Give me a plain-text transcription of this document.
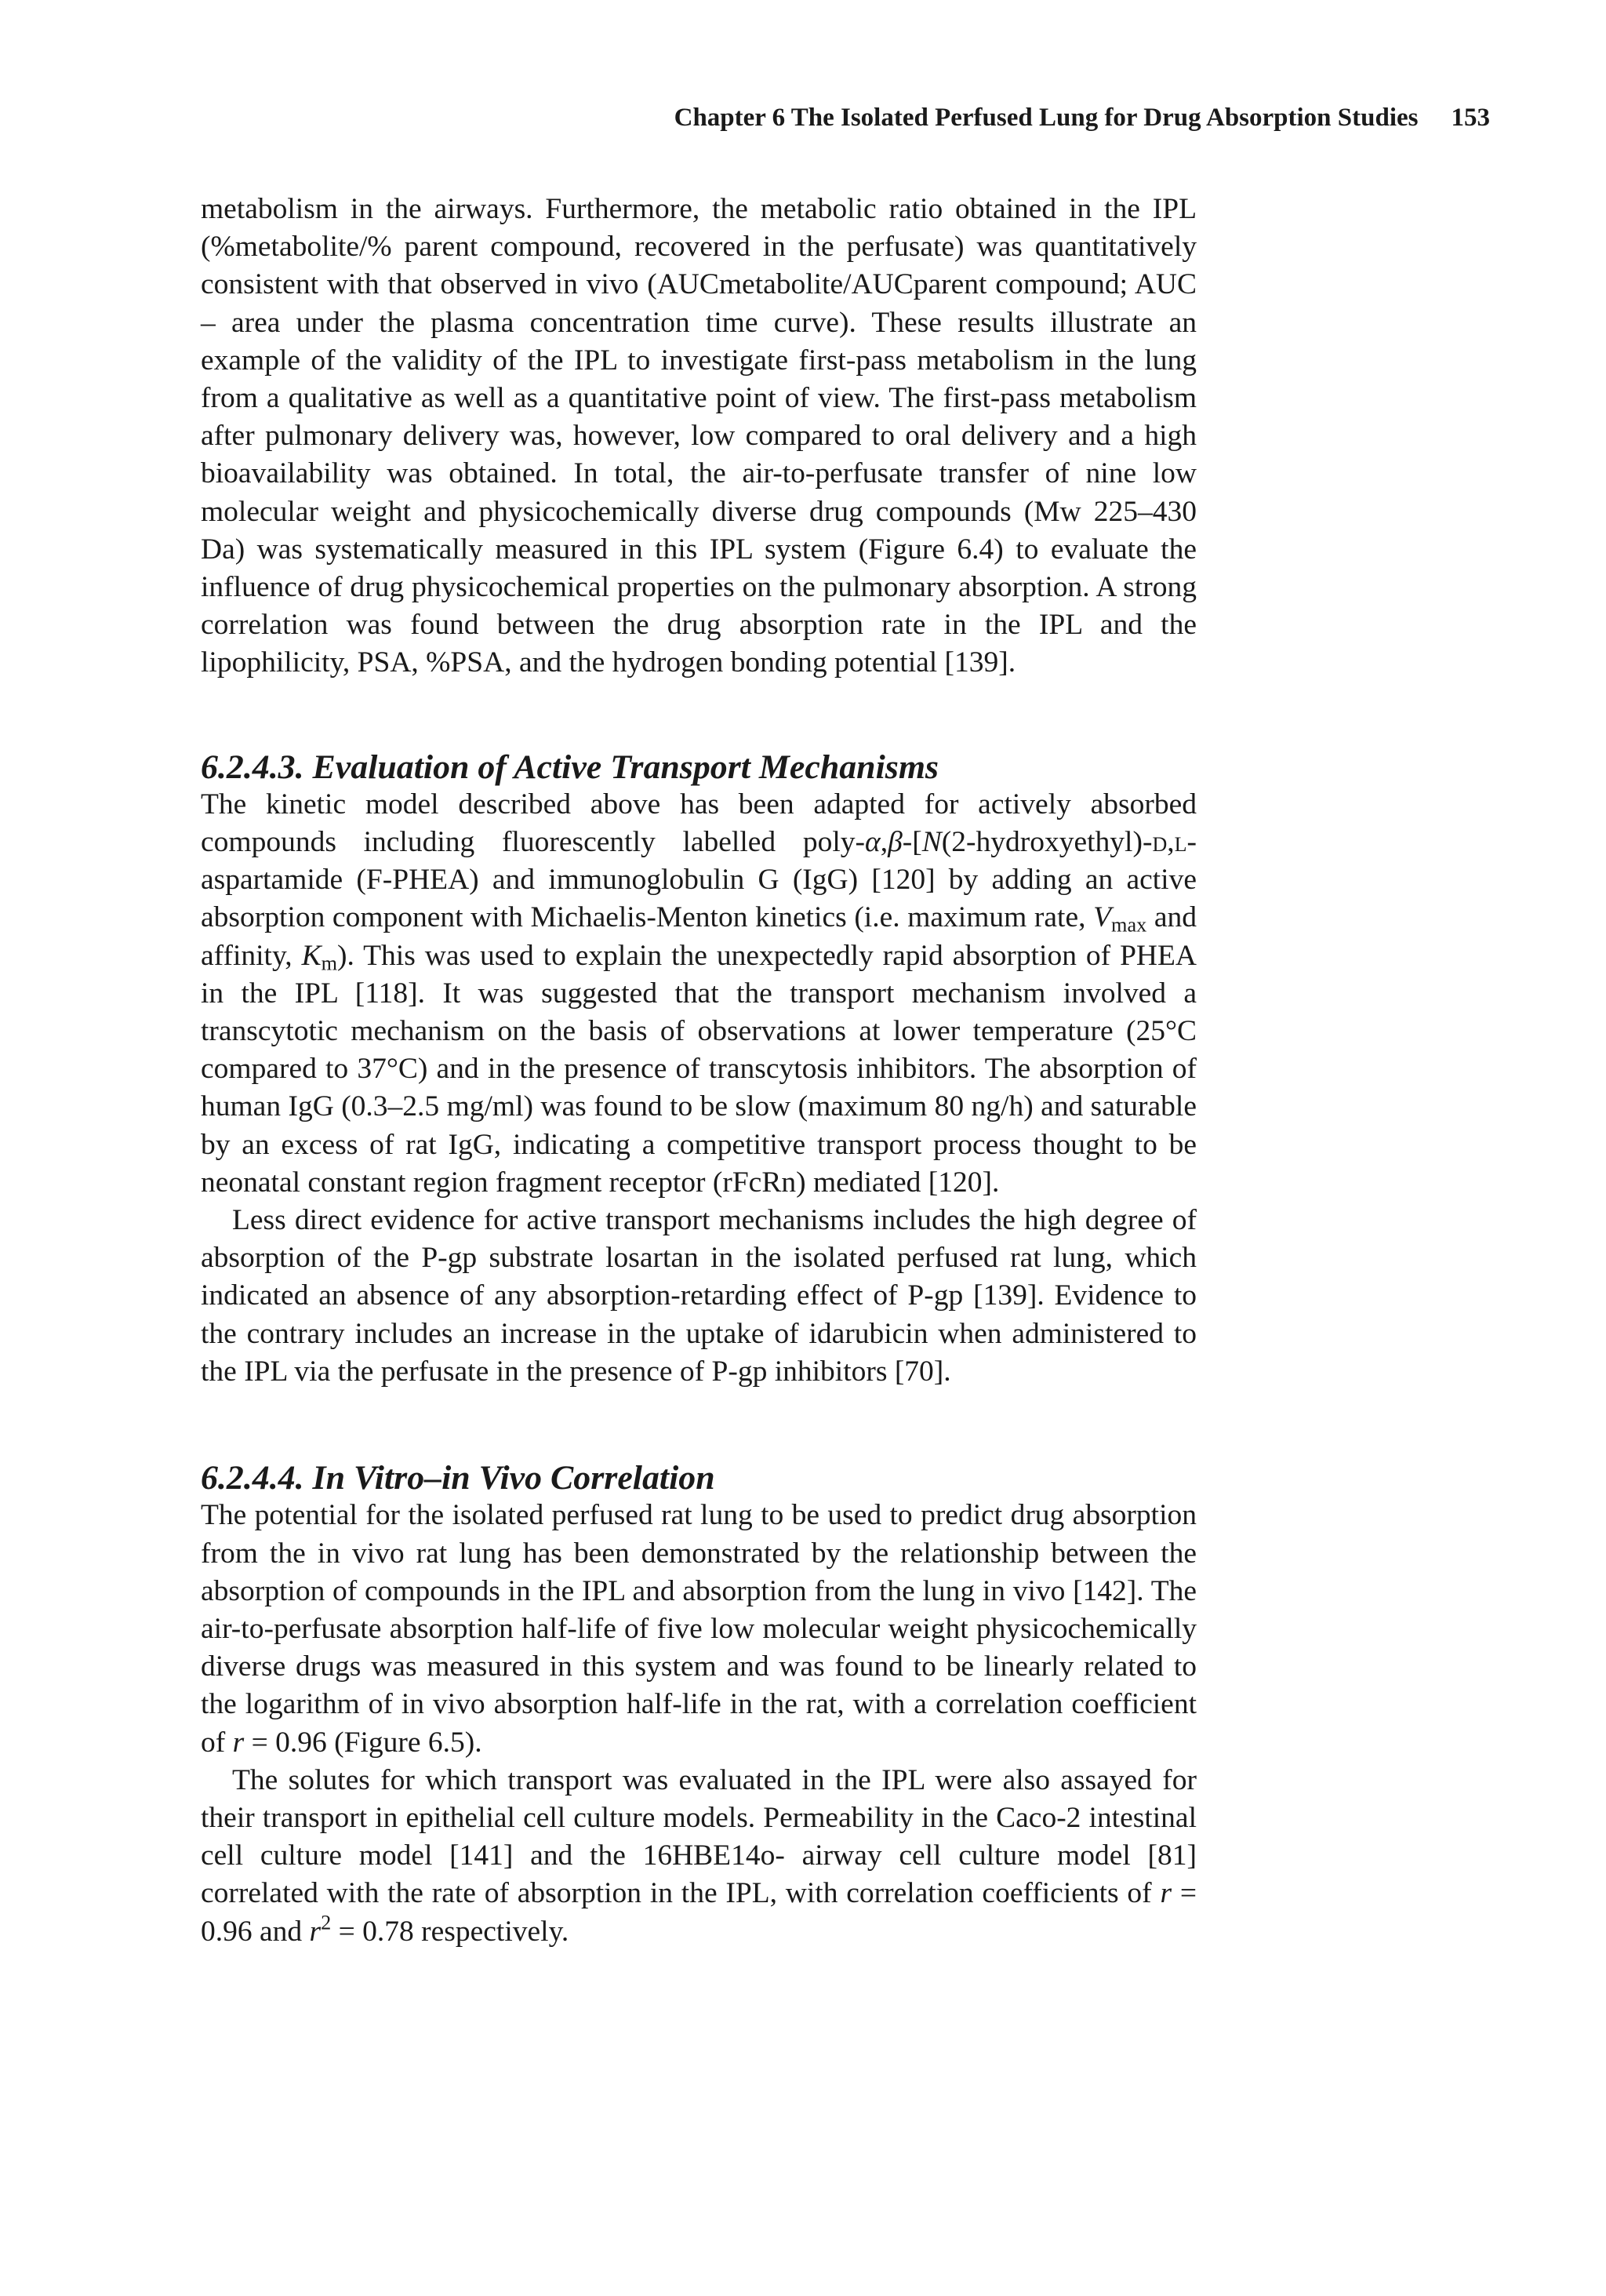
Chapter 6 The Isolated Perfused Lung for Drug Absorption Studies 153

metabolism in the airways. Furthermore, the metabolic ratio obtained in the IPL (%metabolite/% parent compound, recovered in the perfusate) was quantitatively consistent with that observed in vivo (AUCmetabolite/AUCparent compound; AUC – area under the plasma concentration time curve). These results illustrate an example of the validity of the IPL to investigate first-pass metabolism in the lung from a qualitative as well as a quantitative point of view. The first-pass metabolism after pulmonary delivery was, however, low compared to oral delivery and a high bioavailability was obtained. In total, the air-to-perfusate transfer of nine low molecular weight and physicochemically diverse drug compounds (Mw 225–430 Da) was systematically measured in this IPL system (Figure 6.4) to evaluate the influence of drug physicochemical properties on the pulmonary absorption. A strong correlation was found between the drug absorption rate in the IPL and the lipophilicity, PSA, %PSA, and the hydrogen bonding potential [139].

6.2.4.3. Evaluation of Active Transport Mechanisms

The kinetic model described above has been adapted for actively absorbed compounds including fluorescently labelled poly-α,β-[N(2-hydroxyethyl)-d,l-aspartamide (F-PHEA) and immunoglobulin G (IgG) [120] by adding an active absorption component with Michaelis-Menton kinetics (i.e. maximum rate, $V_{max}$ and affinity, $K_m$). This was used to explain the unexpectedly rapid absorption of PHEA in the IPL [118]. It was suggested that the transport mechanism involved a transcytotic mechanism on the basis of observations at lower temperature (25°C compared to 37°C) and in the presence of transcytosis inhibitors. The absorption of human IgG (0.3–2.5 mg/ml) was found to be slow (maximum 80 ng/h) and saturable by an excess of rat IgG, indicating a competitive transport process thought to be neonatal constant region fragment receptor (rFcRn) mediated [120].

Less direct evidence for active transport mechanisms includes the high degree of absorption of the P-gp substrate losartan in the isolated perfused rat lung, which indicated an absence of any absorption-retarding effect of P-gp [139]. Evidence to the contrary includes an increase in the uptake of idarubicin when administered to the IPL via the perfusate in the presence of P-gp inhibitors [70].

6.2.4.4. In Vitro–in Vivo Correlation

The potential for the isolated perfused rat lung to be used to predict drug absorption from the in vivo rat lung has been demonstrated by the relationship between the absorption of compounds in the IPL and absorption from the lung in vivo [142]. The air-to-perfusate absorption half-life of five low molecular weight physicochemically diverse drugs was measured in this system and was found to be linearly related to the logarithm of in vivo absorption half-life in the rat, with a correlation coefficient of r = 0.96 (Figure 6.5).

The solutes for which transport was evaluated in the IPL were also assayed for their transport in epithelial cell culture models. Permeability in the Caco-2 intestinal cell culture model [141] and the 16HBE14o- airway cell culture model [81] correlated with the rate of absorption in the IPL, with correlation coefficients of r = 0.96 and $r^2 = 0.78$ respectively.
